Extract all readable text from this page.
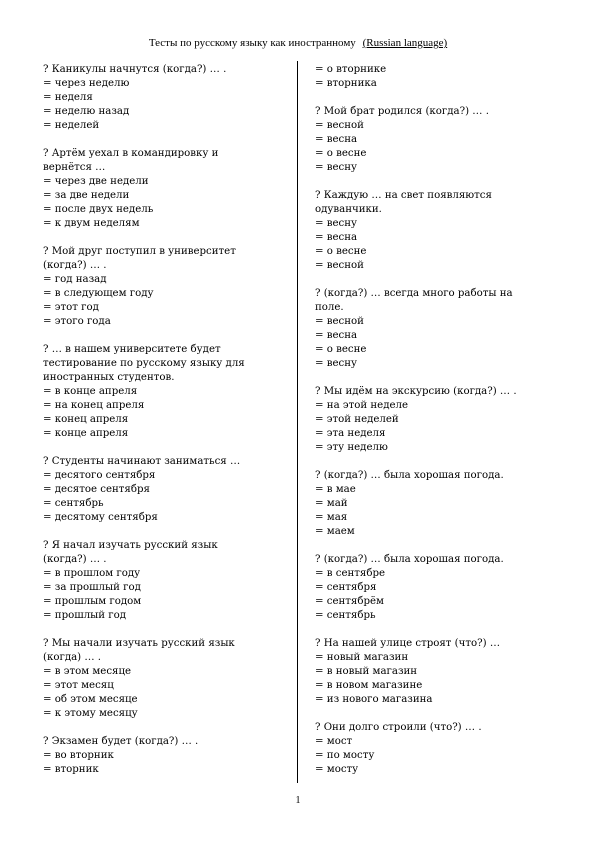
Тесты по русскому языку как иностранному (Russian language)
? Каникулы начнутся (когда?) … .
= через неделю
= неделя
= неделю назад
= неделей
? Артём уехал в командировку и
вернётся …
= через две недели
= за две недели
= после двух недель
= к двум неделям
? Мой друг поступил в университет
(когда?) … .
= год назад
= в следующем году
= этот год
= этого года
? … в нашем университете будет
тестирование по русскому языку для
иностранных студентов.
= в конце апреля
= на конец апреля
= конец апреля
= конце апреля
? Студенты начинают заниматься …
= десятого сентября
= десятое сентября
= сентябрь
= десятому сентября
? Я начал изучать русский язык
(когда?) … .
= в прошлом году
= за прошлый год
= прошлым годом
= прошлый год
? Мы начали изучать русский язык
(когда) … .
= в этом месяце
= этот месяц
= об этом месяце
= к этому месяцу
? Экзамен будет (когда?) … .
= во вторник
= вторник
= о вторнике
= вторника
? Мой брат родился (когда?) … .
= весной
= весна
= о весне
= весну
? Каждую … на свет появляются
одуванчики.
= весну
= весна
= о весне
= весной
? (когда?) … всегда много работы на
поле.
= весной
= весна
= о весне
= весну
? Мы идём на экскурсию (когда?) … .
= на этой неделе
= этой неделей
= эта неделя
= эту неделю
? (когда?) … была хорошая погода.
= в мае
= май
= мая
= маем
? (когда?) … была хорошая погода.
= в сентябре
= сентября
= сентябрём
= сентябрь
? На нашей улице строят (что?) …
= новый магазин
= в новый магазин
= в новом магазине
= из нового магазина
? Они долго строили (что?) … .
= мост
= по мосту
= мосту
1
